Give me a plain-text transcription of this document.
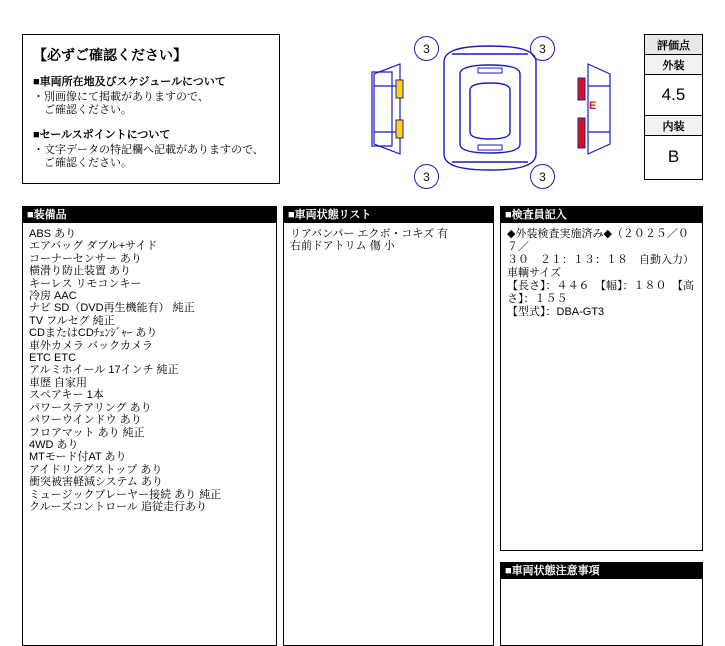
【必ずご確認ください】
■車両所在地及びスケジュールについて
・別画像にて掲載がありますので、
　ご確認ください。
■セールスポイントについて
・文字データの特記欄へ記載がありますので、
　ご確認ください。
3	3
3	3
E
評価点
外装
4.5
内装
B
■装備品
ABS あり
エアバッグ ダブル+サイド
コーナーセンサー あり
横滑り防止装置 あり
キーレス リモコンキー
冷房 AAC
ナビ SD（DVD再生機能有） 純正
TV フルセグ 純正
CDまたはCDﾁｪﾝｼﾞｬｰ あり
車外カメラ バックカメラ
ETC ETC
アルミホイール 17インチ 純正
車歴 自家用
スペアキー 1本
パワーステアリング あり
パワーウインドウ あり
フロアマット あり 純正
4WD あり
MTモード付AT あり
アイドリングストップ あり
衝突被害軽減システム あり
ミュージックプレーヤー接続 あり 純正
クルーズコントロール 追従走行あり
■車両状態リスト
リアバンパー エクボ・コキズ 有
右前ドアトリム 傷 小
■検査員記入
◆外装検査実施済み◆（２０２５／０７／
３０　２１：１３：１８　自動入力）
車輌サイズ
【長さ】：４４６　【幅】：１８０　【高
さ】：１５５
【型式】：DBA-GT3
■車両状態注意事項
